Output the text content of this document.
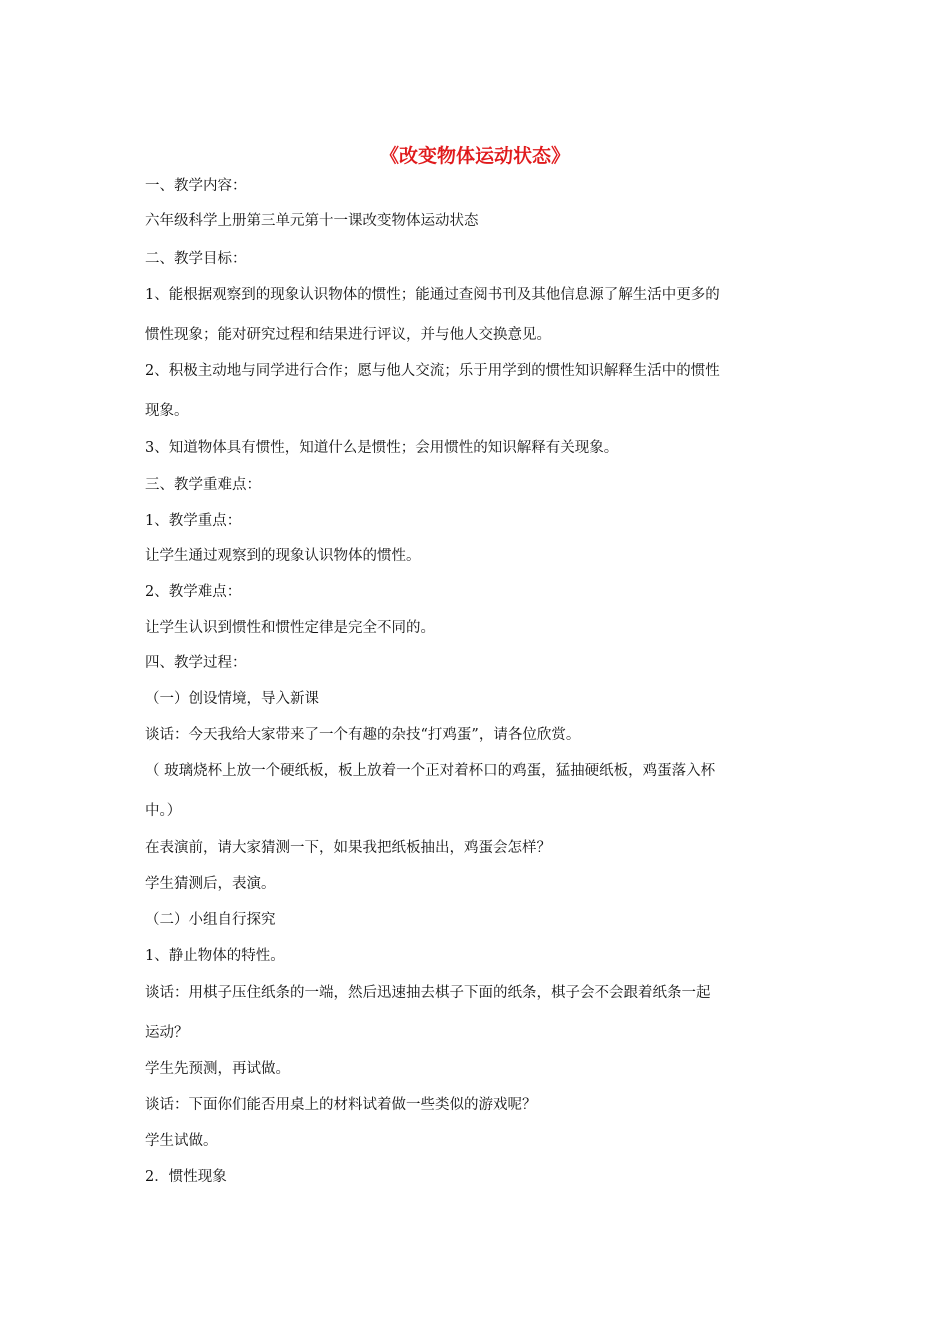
《改变物体运动状态》
一、教学内容：
六年级科学上册第三单元第十一课改变物体运动状态
二、教学目标：
1、能根据观察到的现象认识物体的惯性；能通过查阅书刊及其他信息源了解生活中更多的
惯性现象；能对研究过程和结果进行评议，并与他人交换意见。
2、积极主动地与同学进行合作；愿与他人交流；乐于用学到的惯性知识解释生活中的惯性
现象。
3、知道物体具有惯性，知道什么是惯性；会用惯性的知识解释有关现象。
三、教学重难点：
1、教学重点：
让学生通过观察到的现象认识物体的惯性。
2、教学难点：
让学生认识到惯性和惯性定律是完全不同的。
四、教学过程：
（一）创设情境，导入新课
谈话：今天我给大家带来了一个有趣的杂技“打鸡蛋”，请各位欣赏。
（ 玻璃烧杯上放一个硬纸板，板上放着一个正对着杯口的鸡蛋，猛抽硬纸板，鸡蛋落入杯
中。）
在表演前，请大家猜测一下，如果我把纸板抽出，鸡蛋会怎样？
学生猜测后，表演。
（二）小组自行探究
1、静止物体的特性。
谈话：用棋子压住纸条的一端，然后迅速抽去棋子下面的纸条，棋子会不会跟着纸条一起
运动？
学生先预测，再试做。
谈话：下面你们能否用桌上的材料试着做一些类似的游戏呢？
学生试做。
2．惯性现象
